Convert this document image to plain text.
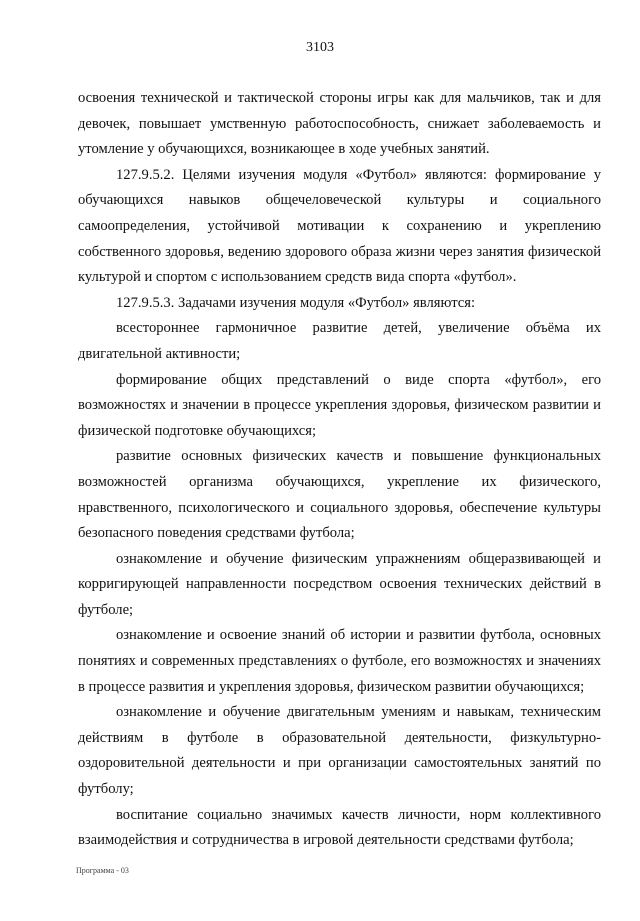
3103

освоения технической и тактической стороны игры как для мальчиков, так и для девочек, повышает умственную работоспособность, снижает заболеваемость и утомление у обучающихся, возникающее в ходе учебных занятий.

127.9.5.2. Целями изучения модуля «Футбол» являются: формирование у обучающихся навыков общечеловеческой культуры и социального самоопределения, устойчивой мотивации к сохранению и укреплению собственного здоровья, ведению здорового образа жизни через занятия физической культурой и спортом с использованием средств вида спорта «футбол».

127.9.5.3. Задачами изучения модуля «Футбол» являются:

всестороннее гармоничное развитие детей, увеличение объёма их двигательной активности;

формирование общих представлений о виде спорта «футбол», его возможностях и значении в процессе укрепления здоровья, физическом развитии и физической подготовке обучающихся;

развитие основных физических качеств и повышение функциональных возможностей организма обучающихся, укрепление их физического, нравственного, психологического и социального здоровья, обеспечение культуры безопасного поведения средствами футбола;

ознакомление и обучение физическим упражнениям общеразвивающей и корригирующей направленности посредством освоения технических действий в футболе;

ознакомление и освоение знаний об истории и развитии футбола, основных понятиях и современных представлениях о футболе, его возможностях и значениях в процессе развития и укрепления здоровья, физическом развитии обучающихся;

ознакомление и обучение двигательным умениям и навыкам, техническим действиям в футболе в образовательной деятельности, физкультурно-оздоровительной деятельности и при организации самостоятельных занятий по футболу;

воспитание социально значимых качеств личности, норм коллективного взаимодействия и сотрудничества в игровой деятельности средствами футбола;

Программа - 03
